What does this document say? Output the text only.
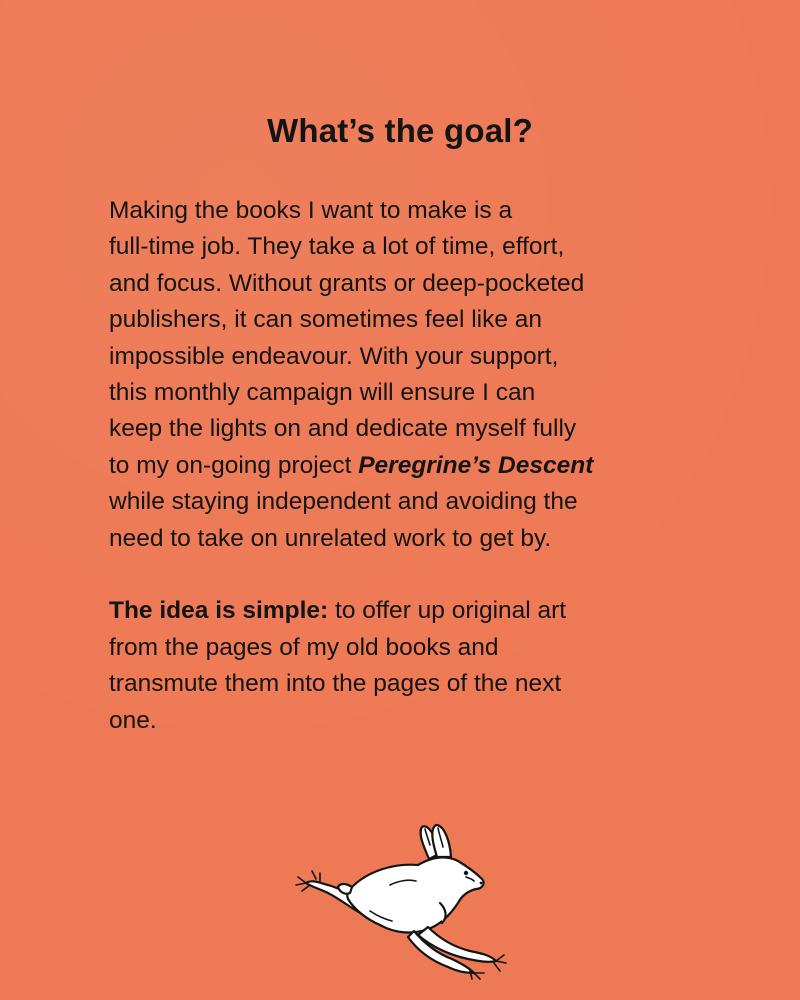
What’s the goal?
Making the books I want to make is a
full-time job. They take a lot of time, effort,
and focus. Without grants or deep-pocketed
publishers, it can sometimes feel like an
impossible endeavour. With your support,
this monthly campaign will ensure I can
keep the lights on and dedicate myself fully
to my on-going project Peregrine’s Descent
while staying independent and avoiding the
need to take on unrelated work to get by.
The idea is simple: to offer up original art
from the pages of my old books and
transmute them into the pages of the next
one.
